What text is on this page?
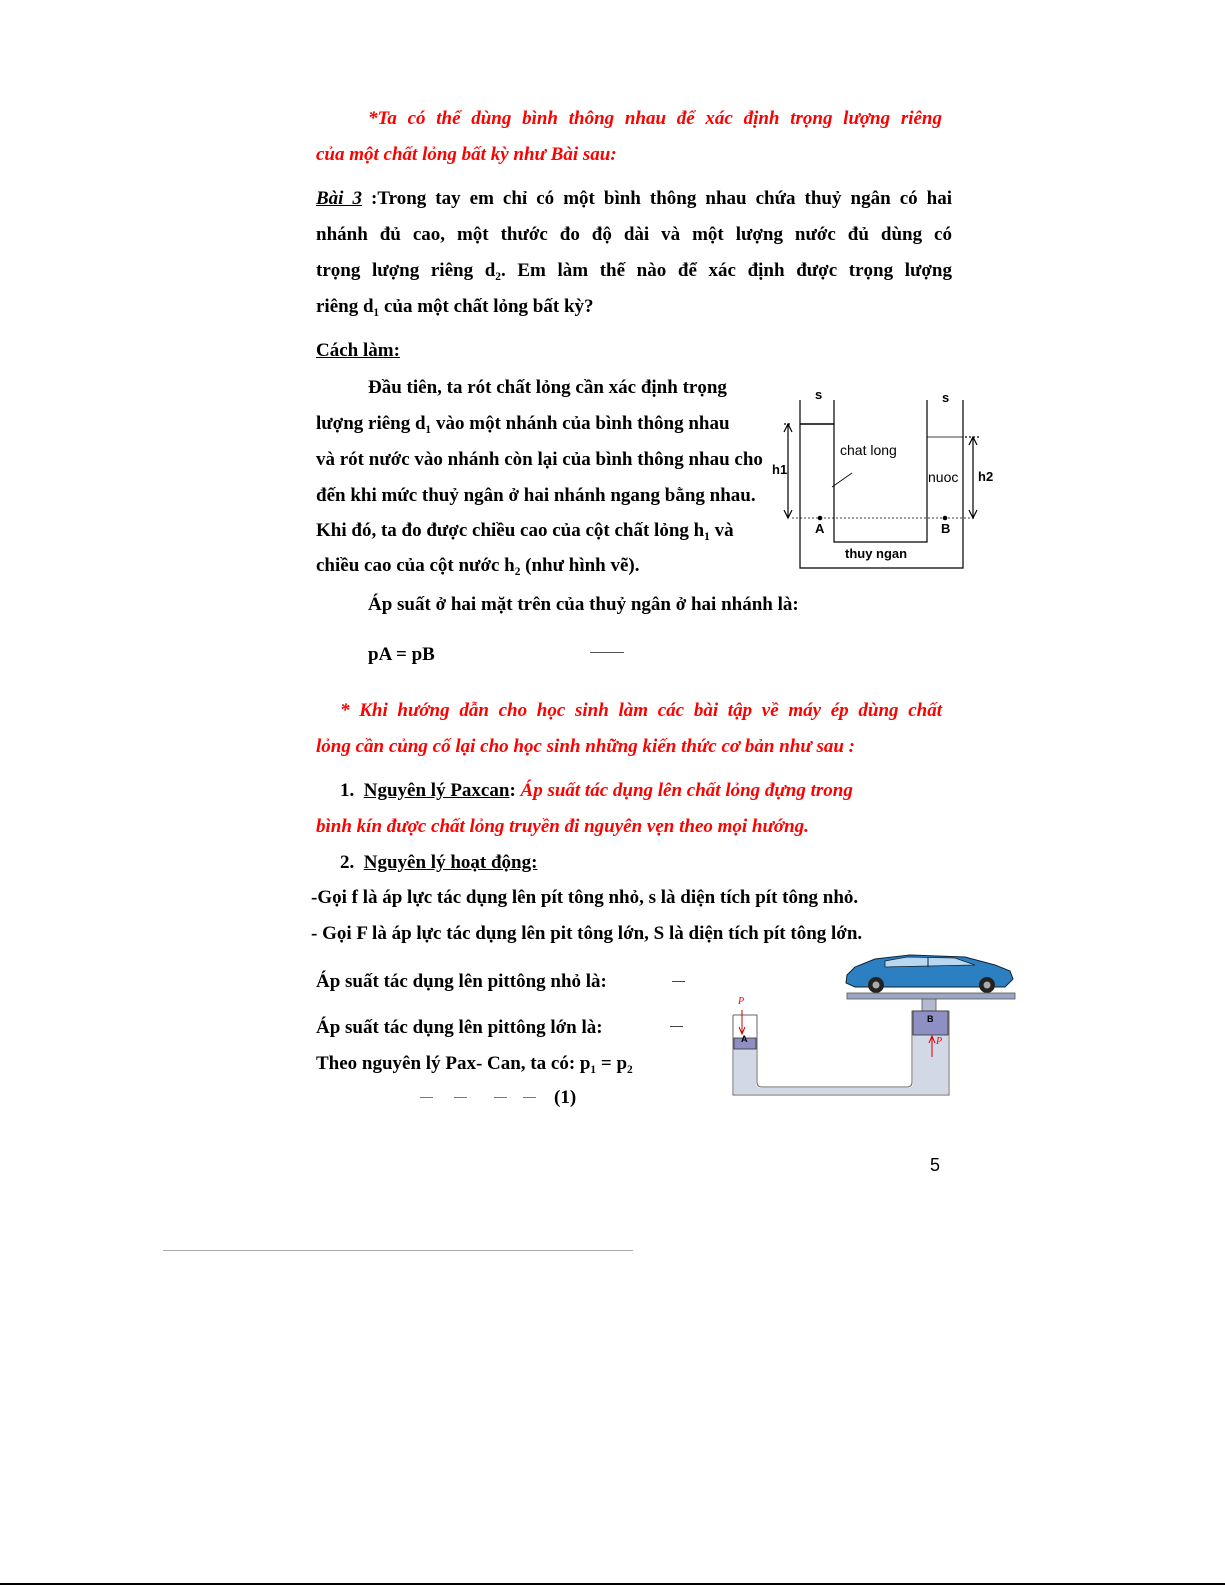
*Ta có thể dùng bình thông nhau để xác định trọng lượng riêng
của một chất lỏng bất kỳ như Bài sau:
Bài 3 :Trong tay em chỉ có một bình thông nhau chứa thuỷ ngân có hai
nhánh đủ cao, một thước đo độ dài và một lượng nước đủ dùng có
trọng lượng riêng d₂. Em làm thế nào để xác định được trọng lượng
riêng d₁ của một chất lỏng bất kỳ?
Cách làm:
Đầu tiên, ta rót chất lỏng cần xác định trọng
lượng riêng d₁ vào một nhánh của bình thông nhau
và rót nước vào nhánh còn lại của bình thông nhau cho
đến khi mức thuỷ ngân ở hai nhánh ngang bằng nhau.
Khi đó, ta đo được chiều cao của cột chất lỏng h₁ và
chiều cao của cột nước h₂ (như hình vẽ).
Áp suất ở hai mặt trên của thuỷ ngân ở hai nhánh là:
pA = pB
s	s
chat long
nuoc
thuy ngan
h1	h2
A	B
* Khi hướng dẫn cho học sinh làm các bài tập về máy ép dùng chất
lỏng cần củng cố lại cho học sinh những kiến thức cơ bản như sau :
1. Nguyên lý Paxcan: Áp suất tác dụng lên chất lỏng đựng trong
bình kín được chất lỏng truyền đi nguyên vẹn theo mọi hướng.
2. Nguyên lý hoạt động:
-Gọi f là áp lực tác dụng lên pít tông nhỏ, s là diện tích pít tông nhỏ.
- Gọi F là áp lực tác dụng lên pit tông lớn, S là diện tích pít tông lớn.
Áp suất tác dụng lên pittông nhỏ là:
Áp suất tác dụng lên pittông lớn là:
Theo nguyên lý Pax- Can, ta có: p₁ = p₂
(1)
A
B
P
P
5
